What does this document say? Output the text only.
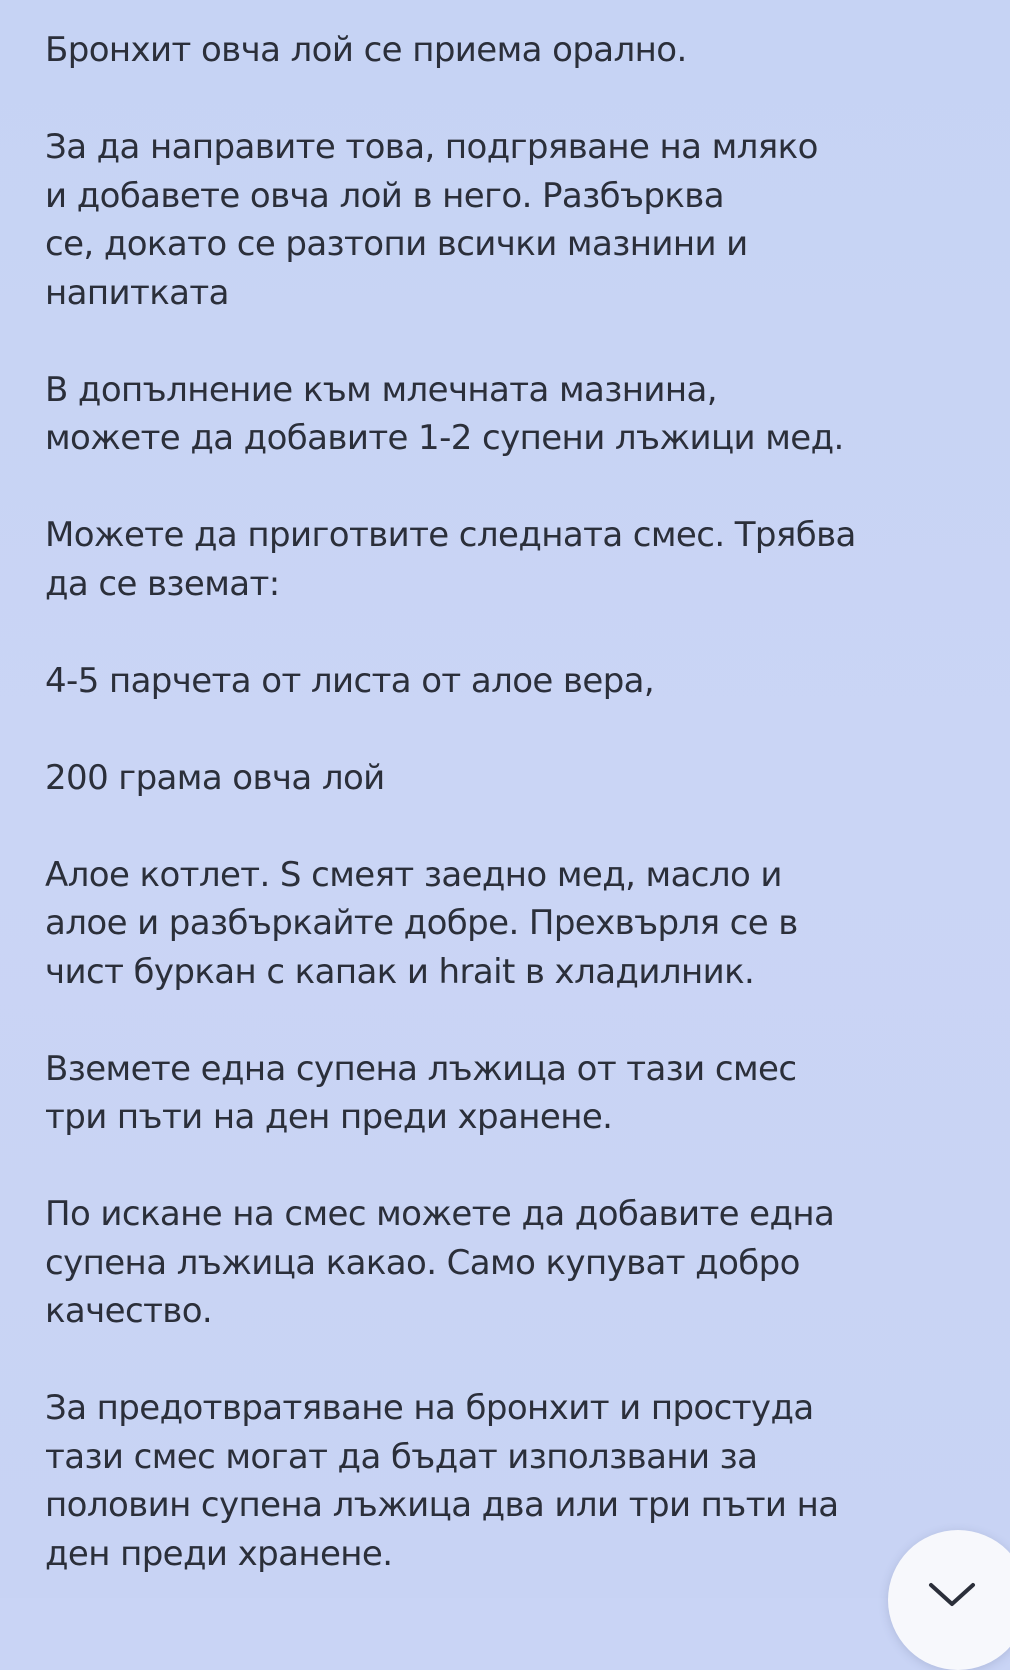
Бронхит овча лой се приема орално.

За да направите това, подгряване на мляко
и добавете овча лой в него. Разбърква
се, докато се разтопи всички мазнини и
напитката

В допълнение към млечната мазнина,
можете да добавите 1-2 супени лъжици мед.

Можете да приготвите следната смес. Трябва
да се вземат:

4-5 парчета от листа от алое вера,

200 грама овча лой

Алое котлет. S смеят заедно мед, масло и
алое и разбъркайте добре. Прехвърля се в
чист буркан с капак и hrait в хладилник.

Вземете една супена лъжица от тази смес
три пъти на ден преди хранене.

По искане на смес можете да добавите една
супена лъжица какао. Само купуват добро
качество.

За предотвратяване на бронхит и простуда
тази смес могат да бъдат използвани за
половин супена лъжица два или три пъти на
ден преди хранене.
